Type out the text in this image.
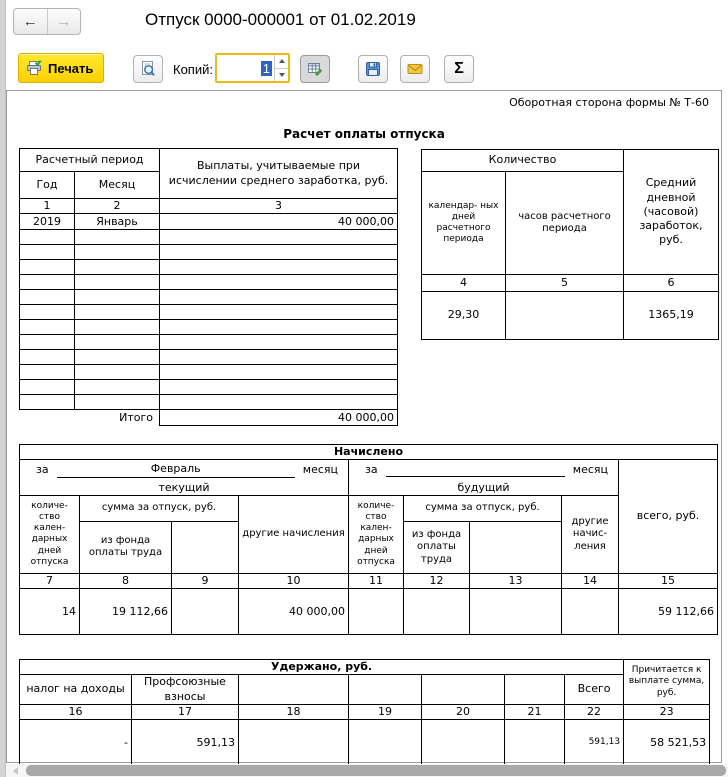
← →	Отпуск 0000-000001 от 01.02.2019
Печать	Копий:	1	Σ
Оборотная сторона формы № Т-60
Расчет оплаты отпуска
Расчетный период		Выплаты, учитываемые при исчислении среднего заработка, руб.
Год	Месяц	
1	2	3
2019	Январь	40 000,00

Итого		40 000,00
Количество		Средний дневной (часовой) заработок, руб.
календар- ных дней расчетного периода	часов расчетного периода	
4	5	6
29,30		1365,19
Начислено								

за Февраль месяц				за месяц				всего, руб.
текущий				будущий				
количе- ство кален- дарных дней отпуска	сумма за отпуск, руб.		другие начисления	количе- ство кален- дарных дней отпуска	сумма за отпуск, руб.		другие начис- ления	
	из фонда оплаты труда				из фонда оплаты труда			
7	8	9	10	11	12	13	14	15
14	19 112,66		40 000,00					59 112,66
Удержано, руб.							Причитается к выплате сумма, руб.
налог на доходы	Профсоюзные взносы					Всего	
16	17	18	19	20	21	22	23
-	591,13					591,13	58 521,53
